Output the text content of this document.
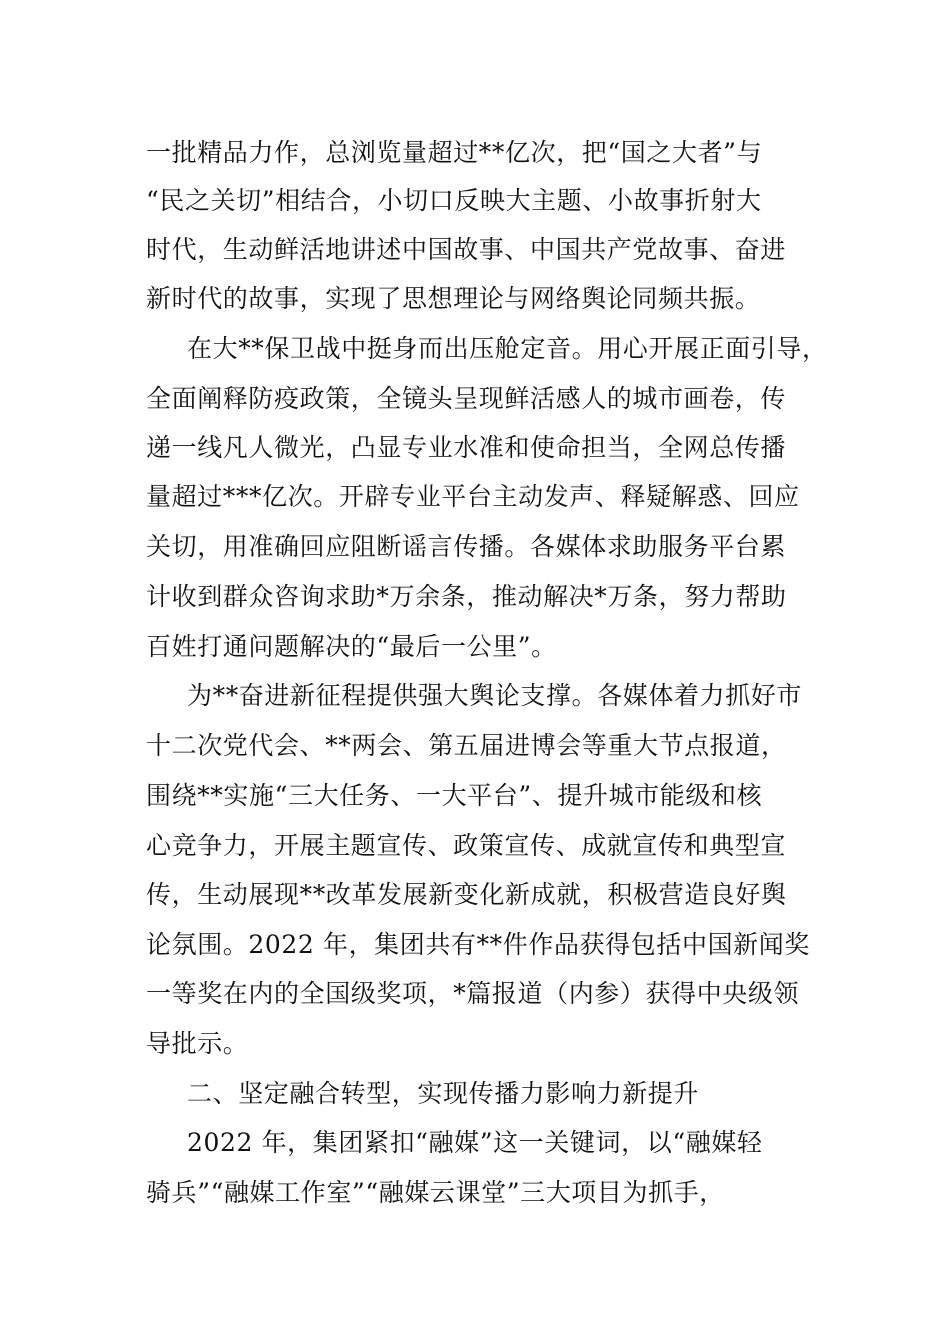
一批精品力作，总浏览量超过**亿次，把“国之大者”与
“民之关切”相结合，小切口反映大主题、小故事折射大
时代，生动鲜活地讲述中国故事、中国共产党故事、奋进
新时代的故事，实现了思想理论与网络舆论同频共振。
在大**保卫战中挺身而出压舱定音。用心开展正面引导，
全面阐释防疫政策，全镜头呈现鲜活感人的城市画卷，传
递一线凡人微光，凸显专业水准和使命担当，全网总传播
量超过***亿次。开辟专业平台主动发声、释疑解惑、回应
关切，用准确回应阻断谣言传播。各媒体求助服务平台累
计收到群众咨询求助*万余条，推动解决*万条，努力帮助
百姓打通问题解决的“最后一公里”。
为**奋进新征程提供强大舆论支撑。各媒体着力抓好市
十二次党代会、**两会、第五届进博会等重大节点报道，
围绕**实施“三大任务、一大平台”、提升城市能级和核
心竞争力，开展主题宣传、政策宣传、成就宣传和典型宣
传，生动展现**改革发展新变化新成就，积极营造良好舆
论氛围。2022 年，集团共有**件作品获得包括中国新闻奖
一等奖在内的全国级奖项，*篇报道（内参）获得中央级领
导批示。
二、坚定融合转型，实现传播力影响力新提升
2022 年，集团紧扣“融媒”这一关键词，以“融媒轻
骑兵”“融媒工作室”“融媒云课堂”三大项目为抓手，
